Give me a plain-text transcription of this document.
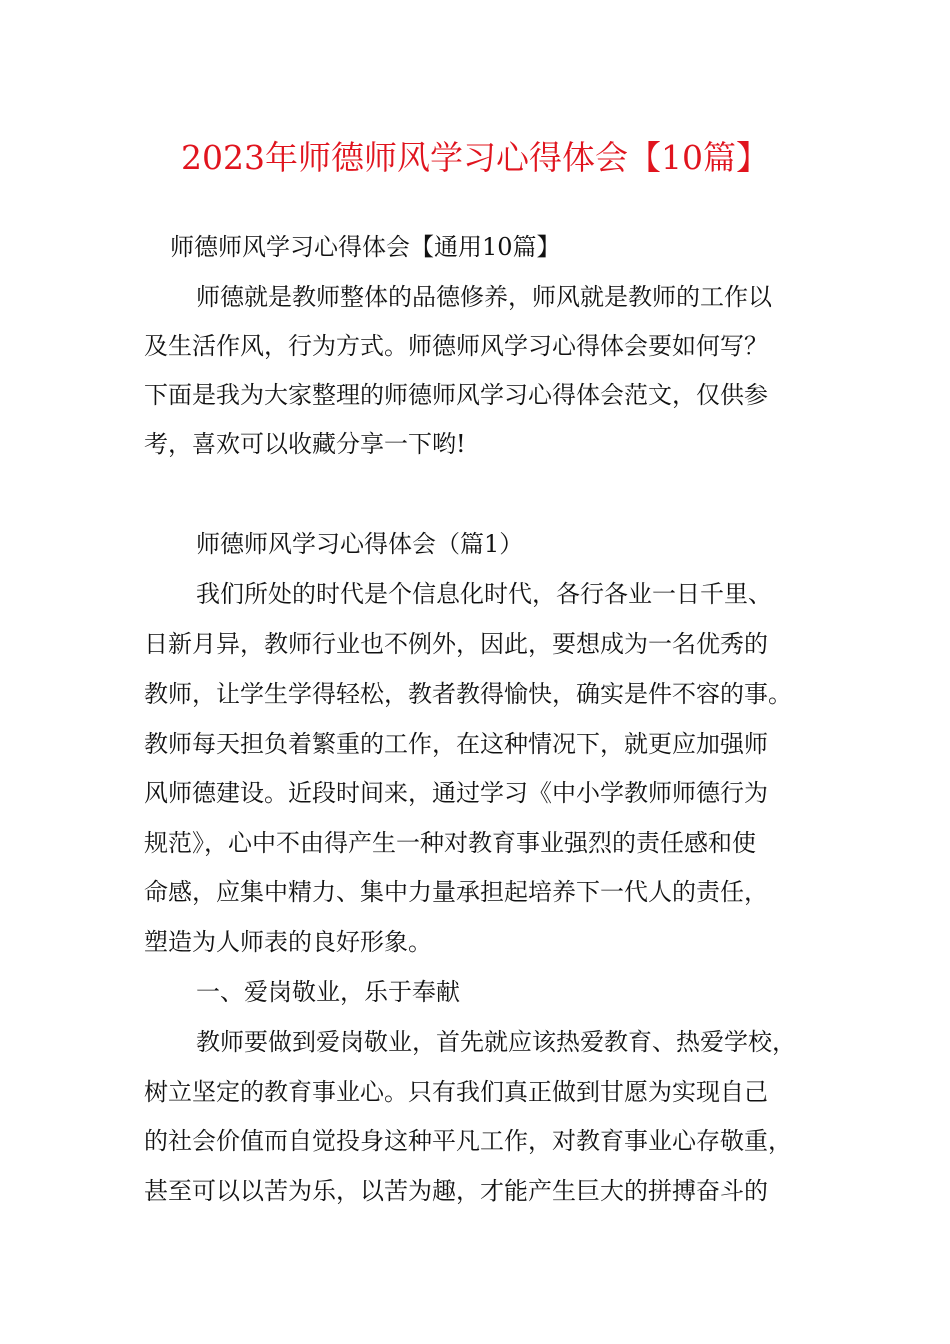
2023年师德师风学习心得体会【10篇】
师德师风学习心得体会【通用10篇】
师德就是教师整体的品德修养，师风就是教师的工作以
及生活作风，行为方式。师德师风学习心得体会要如何写？
下面是我为大家整理的师德师风学习心得体会范文，仅供参
考，喜欢可以收藏分享一下哟!
师德师风学习心得体会（篇1）
我们所处的时代是个信息化时代，各行各业一日千里、
日新月异，教师行业也不例外，因此，要想成为一名优秀的
教师，让学生学得轻松，教者教得愉快，确实是件不容的事。
教师每天担负着繁重的工作，在这种情况下，就更应加强师
风师德建设。近段时间来，通过学习《中小学教师师德行为
规范》，心中不由得产生一种对教育事业强烈的责任感和使
命感，应集中精力、集中力量承担起培养下一代人的责任，
塑造为人师表的良好形象。
一、爱岗敬业，乐于奉献
教师要做到爱岗敬业，首先就应该热爱教育、热爱学校，
树立坚定的教育事业心。只有我们真正做到甘愿为实现自己
的社会价值而自觉投身这种平凡工作，对教育事业心存敬重，
甚至可以以苦为乐，以苦为趣，才能产生巨大的拼搏奋斗的
